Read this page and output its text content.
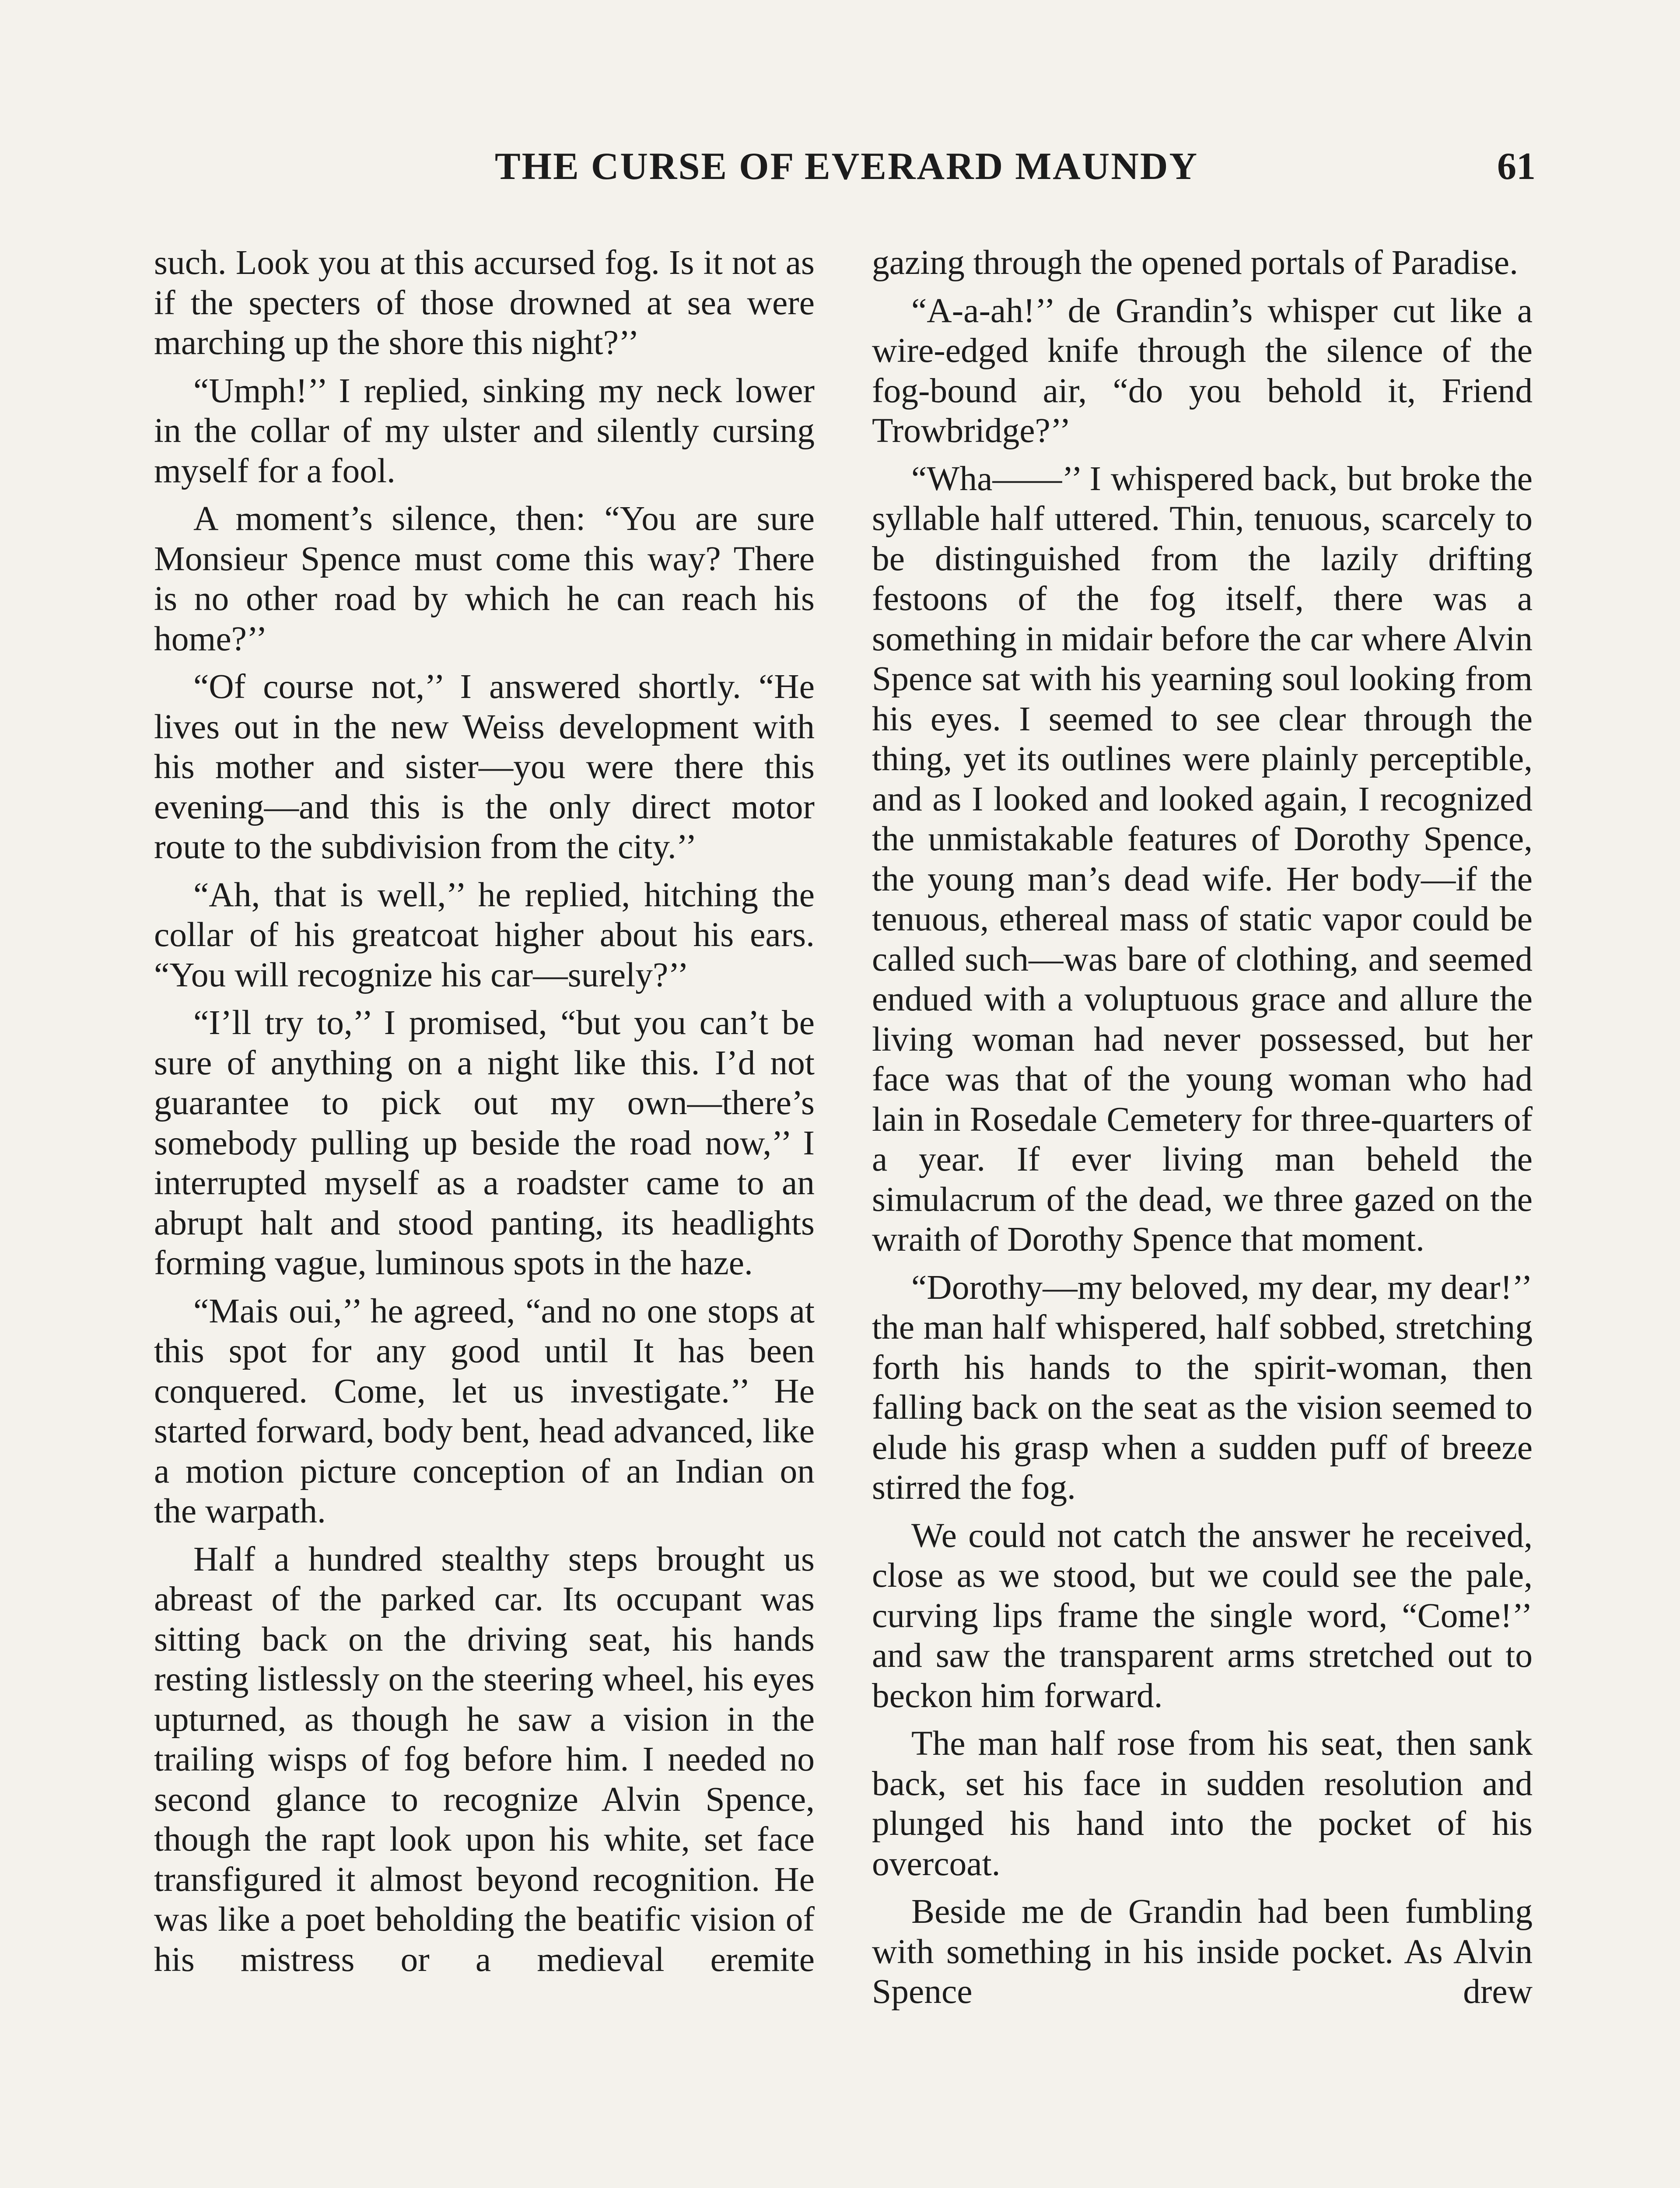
THE CURSE OF EVERARD MAUNDY	61

such. Look you at this accursed fog. Is it not as if the specters of those drowned at sea were marching up the shore this night?’’

“Umph!’’ I replied, sinking my neck lower in the collar of my ulster and silently cursing myself for a fool.

A moment’s silence, then: “You are sure Monsieur Spence must come this way? There is no other road by which he can reach his home?’’

“Of course not,’’ I answered shortly. “He lives out in the new Weiss development with his mother and sister—you were there this evening—and this is the only direct motor route to the subdivision from the city.’’

“Ah, that is well,’’ he replied, hitching the collar of his greatcoat higher about his ears. “You will recognize his car—surely?’’

“I’ll try to,’’ I promised, “but you can’t be sure of anything on a night like this. I’d not guarantee to pick out my own—there’s somebody pulling up beside the road now,’’ I interrupted myself as a roadster came to an abrupt halt and stood panting, its headlights forming vague, luminous spots in the haze.

“Mais oui,’’ he agreed, “and no one stops at this spot for any good until It has been conquered. Come, let us investigate.’’ He started forward, body bent, head advanced, like a motion picture conception of an Indian on the warpath.

Half a hundred stealthy steps brought us abreast of the parked car. Its occupant was sitting back on the driving seat, his hands resting listlessly on the steering wheel, his eyes upturned, as though he saw a vision in the trailing wisps of fog before him. I needed no second glance to recognize Alvin Spence, though the rapt look upon his white, set face transfigured it almost beyond recognition. He was like a poet beholding the beatific vision of his mistress or a medieval eremite

gazing through the opened portals of Paradise.

“A-a-ah!’’ de Grandin’s whisper cut like a wire-edged knife through the silence of the fog-bound air, “do you behold it, Friend Trowbridge?’’

“Wha——’’ I whispered back, but broke the syllable half uttered. Thin, tenuous, scarcely to be distinguished from the lazily drifting festoons of the fog itself, there was a something in midair before the car where Alvin Spence sat with his yearning soul looking from his eyes. I seemed to see clear through the thing, yet its outlines were plainly perceptible, and as I looked and looked again, I recognized the unmistakable features of Dorothy Spence, the young man’s dead wife. Her body—if the tenuous, ethereal mass of static vapor could be called such—was bare of clothing, and seemed endued with a voluptuous grace and allure the living woman had never possessed, but her face was that of the young woman who had lain in Rosedale Cemetery for three-quarters of a year. If ever living man beheld the simulacrum of the dead, we three gazed on the wraith of Dorothy Spence that moment.

“Dorothy—my beloved, my dear, my dear!’’ the man half whispered, half sobbed, stretching forth his hands to the spirit-woman, then falling back on the seat as the vision seemed to elude his grasp when a sudden puff of breeze stirred the fog.

We could not catch the answer he received, close as we stood, but we could see the pale, curving lips frame the single word, “Come!’’ and saw the transparent arms stretched out to beckon him forward.

The man half rose from his seat, then sank back, set his face in sudden resolution and plunged his hand into the pocket of his overcoat.

Beside me de Grandin had been fumbling with something in his inside pocket. As Alvin Spence drew
